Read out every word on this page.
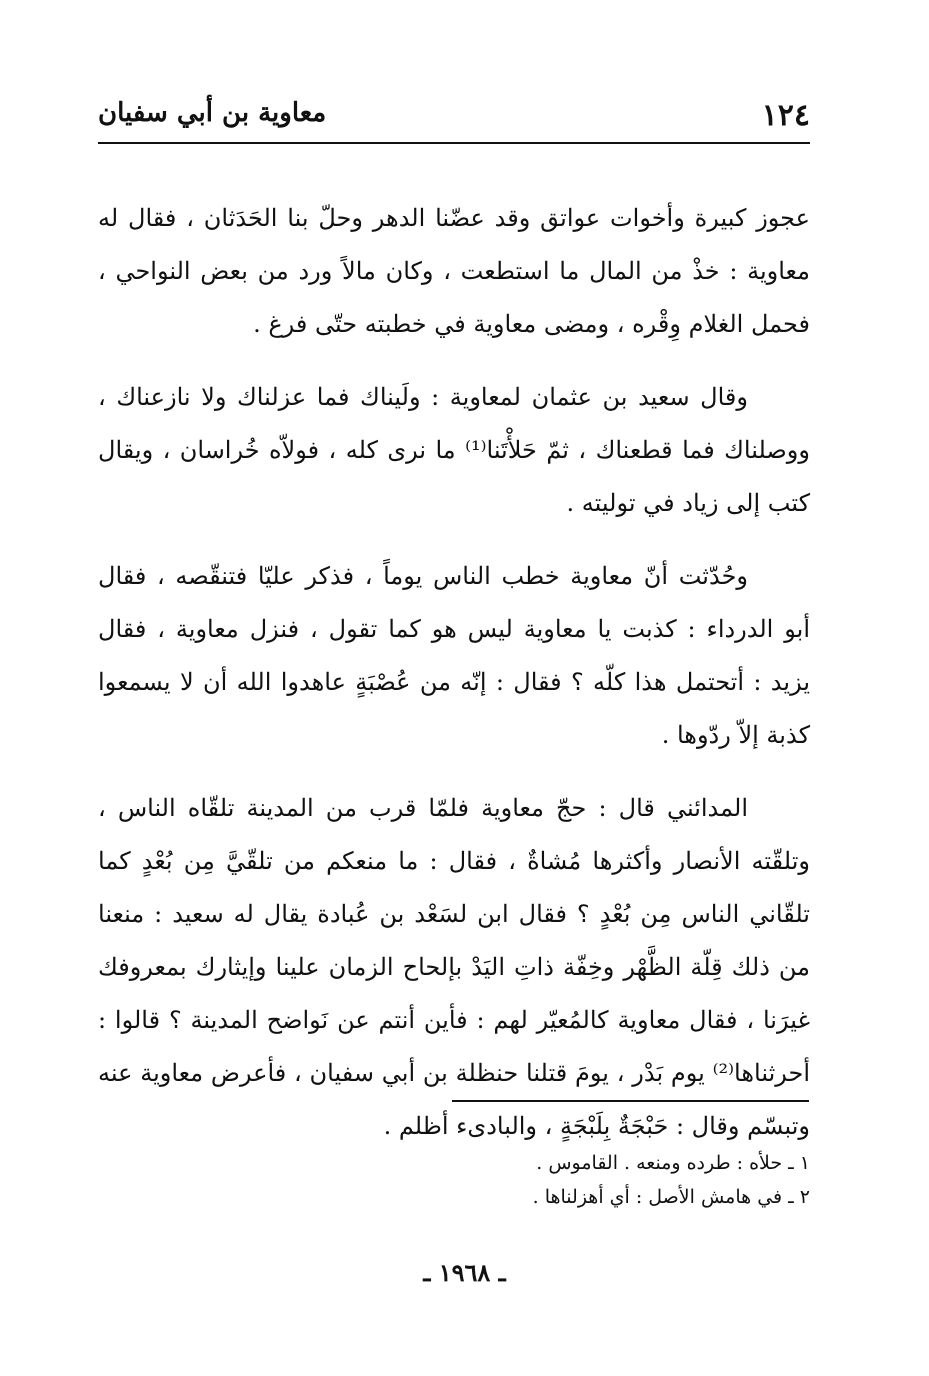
١٢٤
معاوية بن أبي سفيان

عجوز كبيرة وأخوات عواتق وقد عضّنا الدهر وحلّ بنا الحَدَثان ، فقال له معاوية : خذْ من المال ما استطعت ، وكان مالاً ورد من بعض النواحي ، فحمل الغلام وِقْره ، ومضى معاوية في خطبته حتّى فرغ .

وقال سعيد بن عثمان لمعاوية : ولَيناك فما عزلناك ولا نازعناك ، ووصلناك فما قطعناك ، ثمّ حَلأْتَنا⁽¹⁾ ما نرى كله ، فولاّه خُراسان ، ويقال كتب إلى زياد في توليته .

وحُدّثت أنّ معاوية خطب الناس يوماً ، فذكر عليّا فتنقّصه ، فقال أبو الدرداء : كذبت يا معاوية ليس هو كما تقول ، فنزل معاوية ، فقال يزيد : أتحتمل هذا كلّه ؟ فقال : إنّه من عُصْبَةٍ عاهدوا الله أن لا يسمعوا كذبة إلاّ ردّوها .

المدائني قال : حجّ معاوية فلمّا قرب من المدينة تلقّاه الناس ، وتلقّته الأنصار وأكثرها مُشاةٌ ، فقال : ما منعكم من تلقّيَّ مِن بُعْدٍ كما تلقّاني الناس مِن بُعْدٍ ؟ فقال ابن لسَعْد بن عُبادة يقال له سعيد : منعنا من ذلك قِلّة الظَّهْر وخِفّة ذاتِ اليَدْ بإلحاح الزمان علينا وإيثارك بمعروفك غيرَنا ، فقال معاوية كالمُعيّر لهم : فأين أنتم عن نَواضح المدينة ؟ قالوا : أحرثناها⁽²⁾ يوم بَدْر ، يومَ قتلنا حنظلة بن أبي سفيان ، فأعرض معاوية عنه وتبسّم وقال : حَبْجَةٌ بِلَبْجَةٍ ، والبادىء أظلم .

١ ـ حلأه : طرده ومنعه . القاموس .
٢ ـ في هامش الأصل : أي أهزلناها .
ـ ١٩٦٨ ـ
